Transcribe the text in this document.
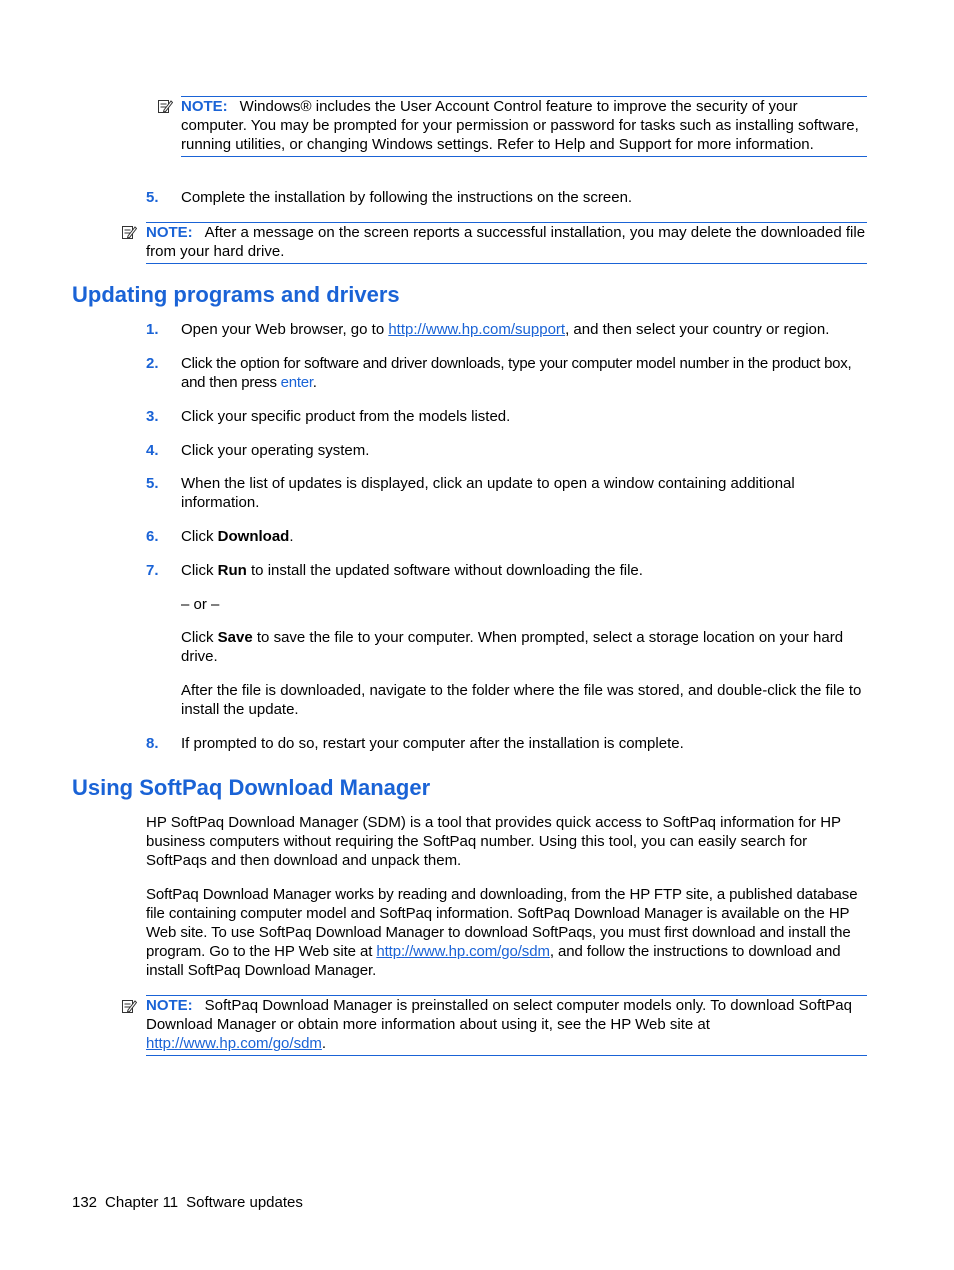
NOTE: Windows® includes the User Account Control feature to improve the security of your computer. You may be prompted for your permission or password for tasks such as installing software, running utilities, or changing Windows settings. Refer to Help and Support for more information.
5. Complete the installation by following the instructions on the screen.
NOTE: After a message on the screen reports a successful installation, you may delete the downloaded file from your hard drive.
Updating programs and drivers
1. Open your Web browser, go to http://www.hp.com/support, and then select your country or region.
2. Click the option for software and driver downloads, type your computer model number in the product box, and then press enter.
3. Click your specific product from the models listed.
4. Click your operating system.
5. When the list of updates is displayed, click an update to open a window containing additional information.
6. Click Download.
7. Click Run to install the updated software without downloading the file.
– or –
Click Save to save the file to your computer. When prompted, select a storage location on your hard drive.
After the file is downloaded, navigate to the folder where the file was stored, and double-click the file to install the update.
8. If prompted to do so, restart your computer after the installation is complete.
Using SoftPaq Download Manager
HP SoftPaq Download Manager (SDM) is a tool that provides quick access to SoftPaq information for HP business computers without requiring the SoftPaq number. Using this tool, you can easily search for SoftPaqs and then download and unpack them.
SoftPaq Download Manager works by reading and downloading, from the HP FTP site, a published database file containing computer model and SoftPaq information. SoftPaq Download Manager is available on the HP Web site. To use SoftPaq Download Manager to download SoftPaqs, you must first download and install the program. Go to the HP Web site at http://www.hp.com/go/sdm, and follow the instructions to download and install SoftPaq Download Manager.
NOTE: SoftPaq Download Manager is preinstalled on select computer models only. To download SoftPaq Download Manager or obtain more information about using it, see the HP Web site at http://www.hp.com/go/sdm.
132 Chapter 11 Software updates
